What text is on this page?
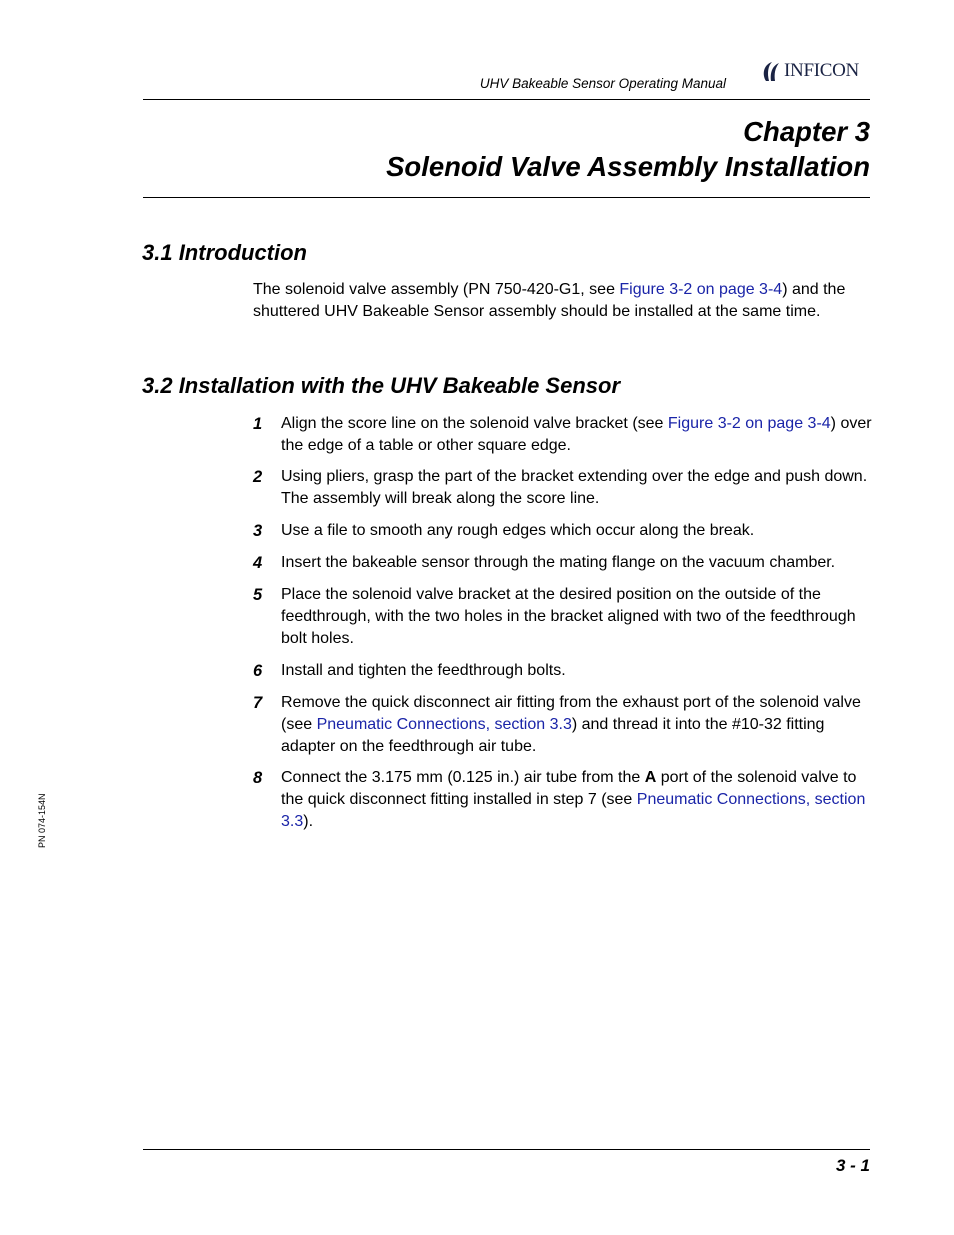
UHV Bakeable Sensor Operating Manual
INFICON
Chapter 3
Solenoid Valve Assembly Installation
3.1 Introduction
The solenoid valve assembly (PN 750-420-G1, see Figure 3-2 on page 3-4) and the shuttered UHV Bakeable Sensor assembly should be installed at the same time.
3.2 Installation with the UHV Bakeable Sensor
1 Align the score line on the solenoid valve bracket (see Figure 3-2 on page 3-4) over the edge of a table or other square edge.
2 Using pliers, grasp the part of the bracket extending over the edge and push down. The assembly will break along the score line.
3 Use a file to smooth any rough edges which occur along the break.
4 Insert the bakeable sensor through the mating flange on the vacuum chamber.
5 Place the solenoid valve bracket at the desired position on the outside of the feedthrough, with the two holes in the bracket aligned with two of the feedthrough bolt holes.
6 Install and tighten the feedthrough bolts.
7 Remove the quick disconnect air fitting from the exhaust port of the solenoid valve (see Pneumatic Connections, section 3.3) and thread it into the #10-32 fitting adapter on the feedthrough air tube.
8 Connect the 3.175 mm (0.125 in.) air tube from the A port of the solenoid valve to the quick disconnect fitting installed in step 7 (see Pneumatic Connections, section 3.3).
PN 074-154N
3 - 1
